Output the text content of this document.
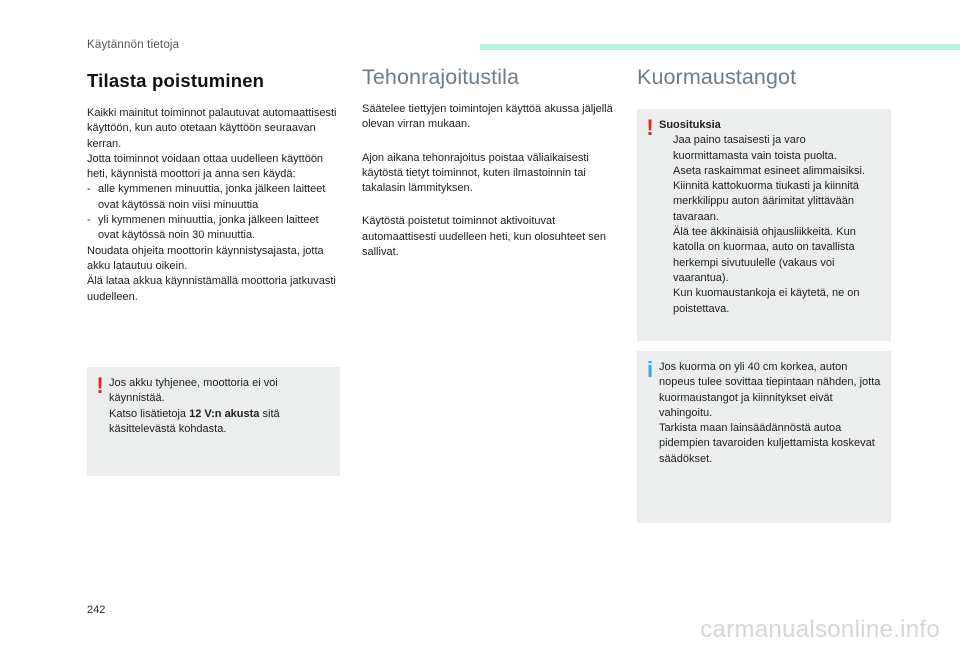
Käytännön tietoja
Tilasta poistuminen

Kaikki mainitut toiminnot palautuvat automaattisesti käyttöön, kun auto otetaan käyttöön seuraavan kerran.

Jotta toiminnot voidaan ottaa uudelleen käyttöön heti, käynnistä moottori ja anna sen käydä:

- alle kymmenen minuuttia, jonka jälkeen laitteet ovat käytössä noin viisi minuuttia
- yli kymmenen minuuttia, jonka jälkeen laitteet ovat käytössä noin 30 minuuttia.

Noudata ohjeita moottorin käynnistysajasta, jotta akku latautuu oikein.

Älä lataa akkua käynnistämällä moottoria jatkuvasti uudelleen.

! Jos akku tyhjenee, moottoria ei voi käynnistää.

Katso lisätietoja 12 V:n akusta sitä käsittelevästä kohdasta.

Tehonrajoitustila

Säätelee tiettyjen toimintojen käyttöä akussa jäljellä olevan virran mukaan.

Ajon aikana tehonrajoitus poistaa väliaikaisesti käytöstä tietyt toiminnot, kuten ilmastoinnin tai takalasin lämmityksen.

Käytöstä poistetut toiminnot aktivoituvat automaattisesti uudelleen heti, kun olosuhteet sen sallivat.

Kuormaustangot
! Suosituksia
Jaa paino tasaisesti ja varo kuormittamasta vain toista puolta.
Aseta raskaimmat esineet alimmaisiksi.
Kiinnitä kattokuorma tiukasti ja kiinnitä merkkilippu auton äärimitat ylittävään tavaraan.
Älä tee äkkinäisiä ohjausliikkeitä. Kun katolla on kuormaa, auto on tavallista herkempi sivutuulelle (vakaus voi vaarantua).
Kun kuomaustankoja ei käytetä, ne on poistettava.
i Jos kuorma on yli 40 cm korkea, auton nopeus tulee sovittaa tiepintaan nähden, jotta kuormaustangot ja kiinnitykset eivät vahingoitu.

Tarkista maan lainsäädännöstä autoa pidempien tavaroiden kuljettamista koskevat säädökset.

242
carmanualsonline.info
